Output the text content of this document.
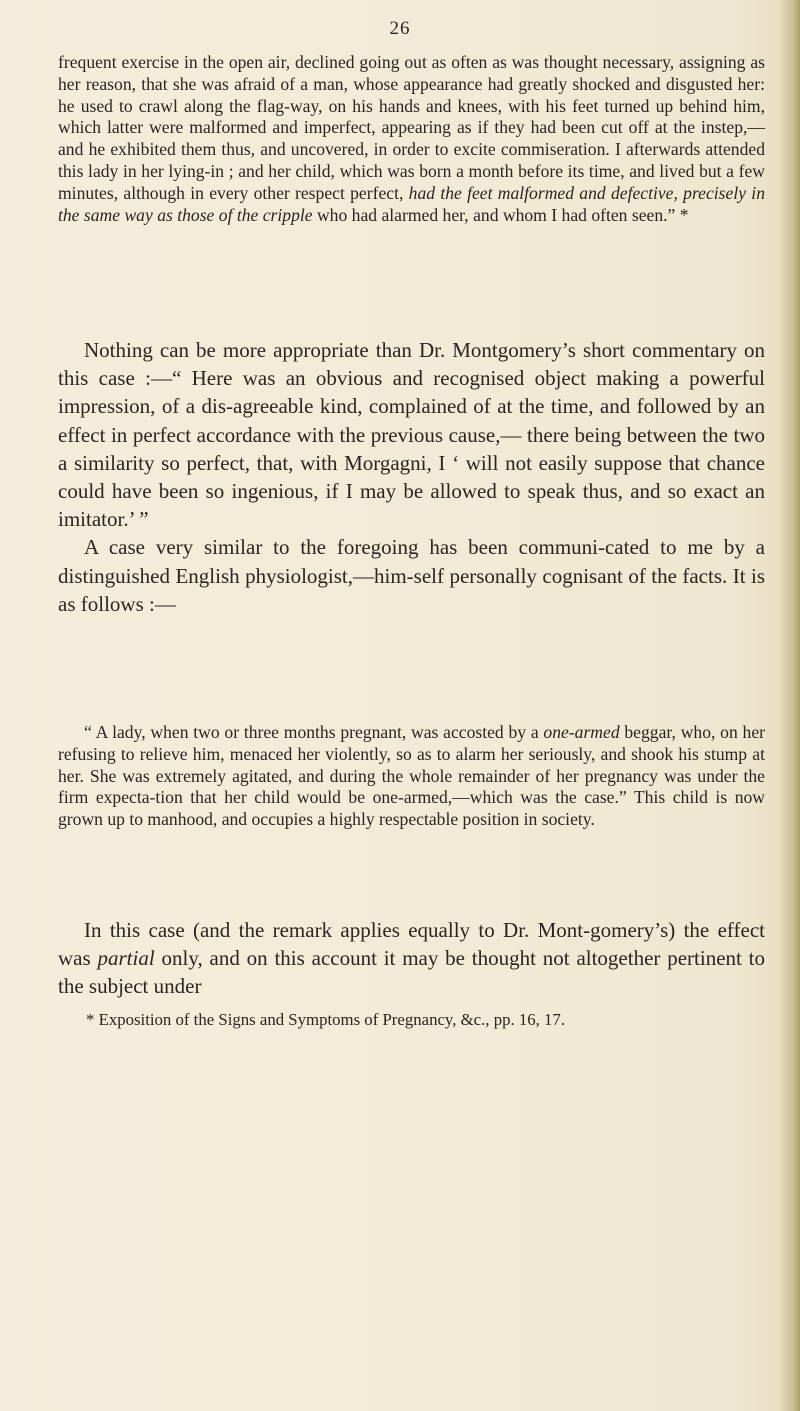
26

frequent exercise in the open air, declined going out as often as was thought necessary, assigning as her reason, that she was afraid of a man, whose appearance had greatly shocked and disgusted her: he used to crawl along the flag-way, on his hands and knees, with his feet turned up behind him, which latter were malformed and imperfect, appearing as if they had been cut off at the instep,—and he exhibited them thus, and uncovered, in order to excite commiseration. I afterwards attended this lady in her lying-in ; and her child, which was born a month before its time, and lived but a few minutes, although in every other respect perfect, had the feet malformed and defective, precisely in the same way as those of the cripple who had alarmed her, and whom I had often seen.” *

Nothing can be more appropriate than Dr. Montgomery’s short commentary on this case :—“ Here was an obvious and recognised object making a powerful impression, of a dis-agreeable kind, complained of at the time, and followed by an effect in perfect accordance with the previous cause,— there being between the two a similarity so perfect, that, with Morgagni, I ‘ will not easily suppose that chance could have been so ingenious, if I may be allowed to speak thus, and so exact an imitator.’ ”

A case very similar to the foregoing has been communi-cated to me by a distinguished English physiologist,—him-self personally cognisant of the facts. It is as follows :—

“ A lady, when two or three months pregnant, was accosted by a one-armed beggar, who, on her refusing to relieve him, menaced her violently, so as to alarm her seriously, and shook his stump at her. She was extremely agitated, and during the whole remainder of her pregnancy was under the firm expecta-tion that her child would be one-armed,—which was the case.” This child is now grown up to manhood, and occupies a highly respectable position in society.

In this case (and the remark applies equally to Dr. Mont-gomery’s) the effect was partial only, and on this account it may be thought not altogether pertinent to the subject under

* Exposition of the Signs and Symptoms of Pregnancy, &c., pp. 16, 17.
